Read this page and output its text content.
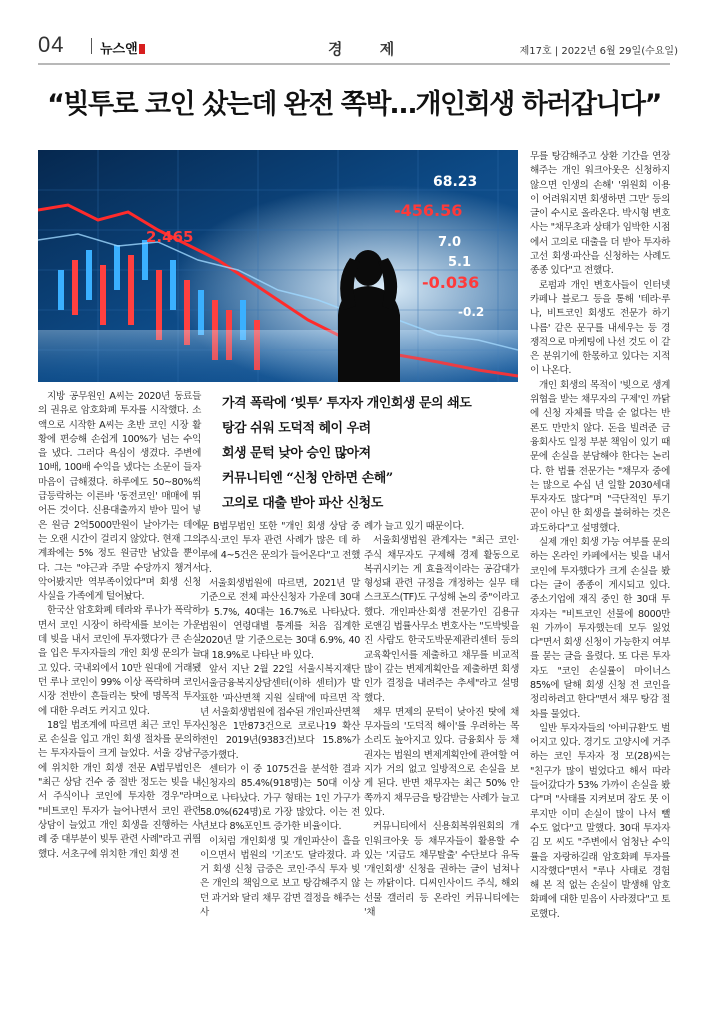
04	뉴스앤	경 제	제17호 | 2022년 6월 29일(수요일)
“빚투로 코인 샀는데 완전 쪽박…개인회생 하러갑니다”
68.23
-456.56
2.465
-0.036
7.0
5.1
-0.2
가격 폭락에 ‘빚투’ 투자자 개인회생 문의 쇄도
탕감 쉬워 도덕적 헤이 우려
회생 문턱 낮아 승인 많아져
커뮤니티엔 “신청 안하면 손해”
고의로 대출 받아 파산 신청도

지방 공무원인 A씨는 2020년 동료들의 권유로 암호화폐 투자를 시작했다. 소액으로 시작한 A씨는 초반 코인 시장 활황에 편승해 손쉽게 100%가 넘는 수익을 냈다. 그러다 욕심이 생겼다. 주변에 10배, 100배 수익을 냈다는 소문이 들자 마음이 급해졌다. 하루에도 50~80%씩 급등락하는 이른바 '동전코인' 매매에 뛰어든 것이다. 신용대출까지 받아 밀어 넣은 원금 2억5000만원이 날아가는 데에는 오랜 시간이 걸리지 않았다. 현재 그의 계좌에는 5% 정도 원금만 남았을 뿐이다. 그는 "야근과 주말 수당까지 챙겨서 악어봤지만 역부족이었다"며 회생 신청 사실을 가족에게 털어놨다.

한국산 암호화폐 테라와 루나가 폭락하면서 코인 시장이 하락세를 보이는 가운데 빚을 내서 코인에 투자했다가 큰 손실을 입은 투자자들의 개인 회생 문의가 늘고 있다. 국내외에서 10만 원대에 거래됐던 루나 코인이 99% 이상 폭락하며 코인 시장 전반이 흔들리는 탓에 명목적 투자에 대한 우려도 커지고 있다.

18일 법조계에 따르면 최근 코인 투자로 손실을 입고 개인 회생 절차를 문의하는 투자자들이 크게 늘었다. 서울 강남구에 위치한 개인 회생 전문 A법무법인은 "최근 상담 건수 중 절반 정도는 빚을 내서 주식이나 코인에 투자한 경우"라며 "비트코인 투자가 늘어나면서 코인 관련 상담이 늘었고 개인 회생을 진행하는 사례 중 대부분이 빚투 관련 사례"라고 귀띔했다. 서초구에 위치한 개인 회생 전

문 B법무법인 또한 "개인 회생 상담 중 주식·코인 투자 관련 사례가 많은 데 하루에 4~5건은 문의가 들어온다"고 전했다.

서울회생법원에 따르면, 2021년 말 기준으로 전체 파산신청자 가운데 30대가 5.7%, 40대는 16.7%로 나타났다. 법원이 연령대별 통계를 처음 집계한 2020년 말 기준으로는 30대 6.9%, 40대 18.9%로 나타난 바 있다.

앞서 지난 2월 22일 서울시복지재단 서울금융복지상담센터(이하 센터)가 발표한 '파산면책 지원 실태'에 따르면 작년 서울회생법원에 접수된 개인파산면책 신청은 1만873건으로 코로나19 확산 전인 2019년(9383건)보다 15.8%가 증가했다.

센터가 이 중 1075건을 분석한 결과 신청자의 85.4%(918명)는 50대 이상으로 나타났다. 가구 형태는 1인 가구가 58.0%(624명)로 가장 많았다. 이는 전년보다 8%포인트 증가한 비율이다.

이처럼 개인회생 및 개인파산이 흘을 이으면서 법원의 '기조'도 달라졌다. 과거 회생 신청 급증은 코인·주식 투자 빚은 개인의 책임으로 보고 탕감해주지 않던 과거와 달리 채무 감면 결정을 해주는 사

례가 늘고 있기 때문이다.

서울회생법원 관계자는 "최근 코인·주식 채무자도 구제해 경제 활동으로 복귀시키는 게 효율적이라는 공감대가 형성돼 관련 규정을 개정하는 실무 태스크포스(TF)도 구성해 논의 중"이라고 했다. 개인파산·회생 전문가인 김용규 로앤김 법률사무소 변호사는 "도박빚을 진 사람도 한국도박문제관리센터 등의 교육확인서를 제출하고 채무를 비교적 많이 갚는 변제계획안을 제출하면 회생인가 결정을 내려주는 추세"라고 설명했다.

채무 면제의 문턱이 낮아진 탓에 채무자들의 '도덕적 해이'를 우려하는 목소리도 높아지고 있다. 금융회사 등 채권자는 법원의 변제계획안에 관여할 여지가 거의 없고 일방적으로 손실을 보게 된다. 반면 채무자는 최근 50% 안쪽까지 채무금을 탕감받는 사례가 늘고 있다.

커뮤니티에서 신용회복위원회의 개인워크아웃 등 채무자들이 활용할 수 있는 '지급도 채무탈출' 수단보다 유독 '개인회생' 신청을 권하는 글이 넘쳐나는 까닭이다. 디씨인사이드 주식, 해외선물 갤러리 등 온라인 커뮤니티에는 '채

무를 탕감해주고 상환 기간을 연장해주는 개인 워크아웃은 신청하지 않으면 인생의 손해' '위원회 이용이 어려워지면 회생하면 그만' 등의 글이 수시로 올라온다. 박시형 변호사는 "채무초과 상태가 임박한 시점에서 고의로 대출을 더 받아 투자하고선 회생·파산을 신청하는 사례도 종종 있다"고 전했다.

로펌과 개인 변호사들이 인터넷 카페나 블로그 등을 통해 '테라·루나, 비트코인 회생도 전문가 하기 나름' 같은 문구를 내세우는 등 경쟁적으로 마케팅에 나선 것도 이 같은 분위기에 한몫하고 있다는 지적이 나온다.

개인 회생의 목적이 '빚으로 생계 위협을 받는 채무자의 구제'인 까닭에 신청 자체를 막을 순 없다는 반론도 만만치 않다. 돈을 빌려준 금융회사도 일정 부분 책임이 있기 때문에 손실을 분담해야 한다는 논리다. 한 법률 전문가는 "채무자 중에는 많으로 수십 년 일할 2030세대 투자자도 많다"며 "극단적인 투기꾼이 아닌 한 회생을 불허하는 것은 과도하다"고 설명했다.

실제 개인 회생 가능 여부를 문의하는 온라인 카페에서는 빚을 내서 코인에 투자했다가 크게 손실을 봤다는 글이 종종이 게시되고 있다. 중소기업에 재직 중인 한 30대 투자자는 "비트코인 선물에 8000만 원 가까이 투자했는데 모두 잃었다"면서 회생 신청이 가능한지 여부를 묻는 글을 올렸다. 또 다른 투자자도 "코인 손실률이 마이너스 85%에 달해 회생 신청 전 코인을 정리하려고 한다"면서 채무 탕감 절차를 물었다.

일반 투자자들의 '아비규환'도 벌어지고 있다. 경기도 고양시에 거주하는 코인 투자자 정 모(28)씨는 "친구가 많이 벌었다고 해서 따라 들어갔다가 53% 가까이 손실을 봤다"며 "사태를 지켜보며 잠도 못 이루지만 이미 손실이 많이 나서 뺄 수도 없다"고 말했다. 30대 투자자 김 모 씨도 "주변에서 엄청난 수익률을 자랑하길래 암호화폐 투자를 시작했다"면서 "루나 사태로 경험해 본 적 없는 손실이 발생해 암호화폐에 대한 믿음이 사라졌다"고 토로했다.
